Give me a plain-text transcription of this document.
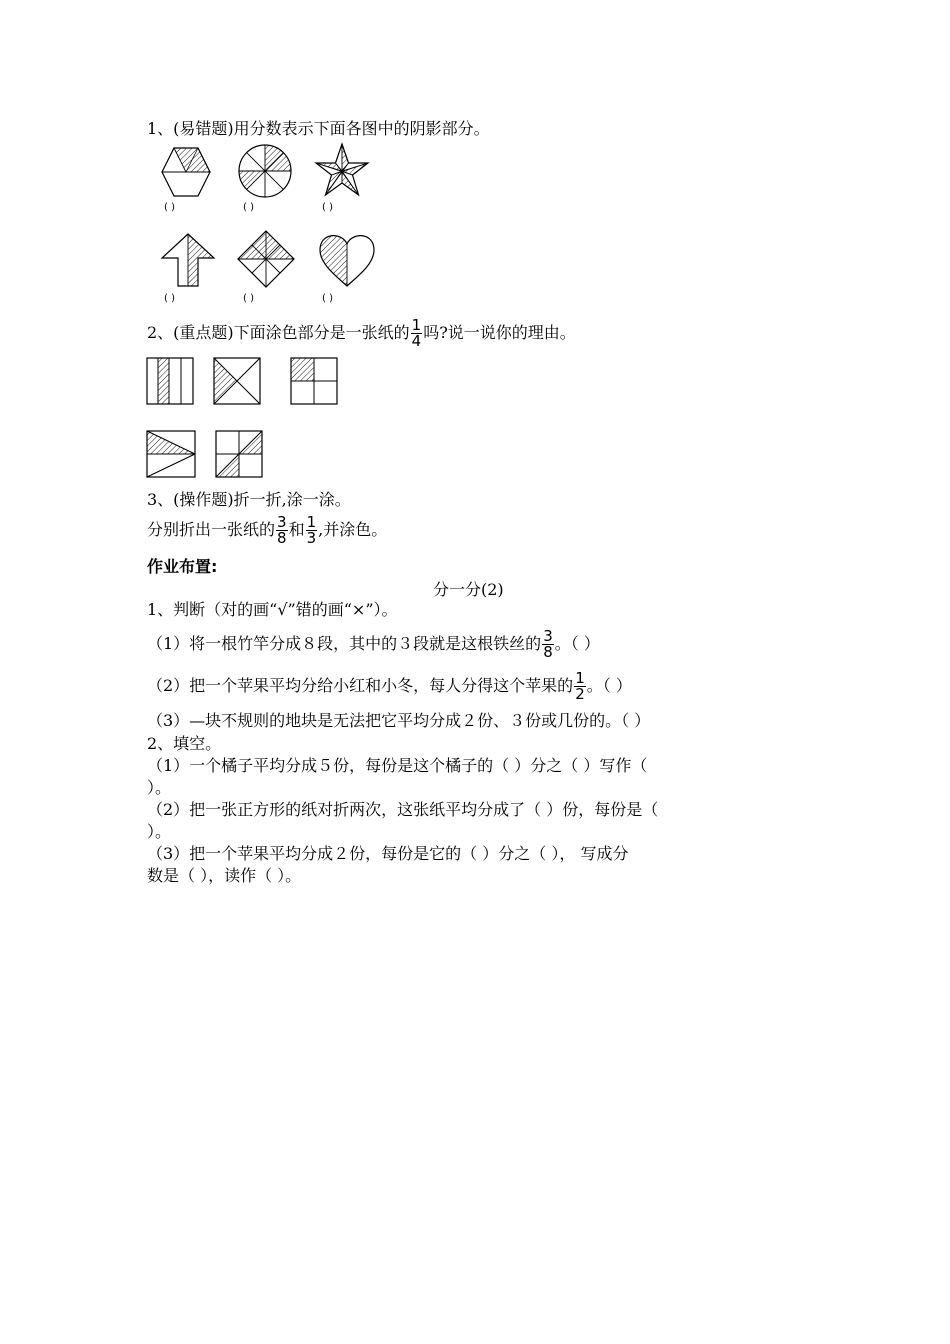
1、(易错题)用分数表示下面各图中的阴影部分。
( )	( )	( )
( )	( )	( )
2、(重点题)下面涂色部分是一张纸的 $\frac{1}{4}$ 吗?说一说你的理由。
3、(操作题)折一折,涂一涂。
分别折出一张纸的 $\frac{3}{8}$ 和 $\frac{1}{3}$ ,并涂色。
作业布置:
分一分(2)
1、判断（对的画“√”错的画“×”）。
（1）将一根竹竿分成８段，其中的３段就是这根铁丝的 $\frac{3}{8}$ 。（ ）
（2）把一个苹果平均分给小红和小冬，每人分得这个苹果的 $\frac{1}{2}$ 。（ ）
（3）—块不规则的地块是无法把它平均分成２份、３份或几份的。（ ）
2、填空。
（1）一个橘子平均分成５份，每份是这个橘子的（ ）分之（ ）写作（
）。
（2）把一张正方形的纸对折两次，这张纸平均分成了（ ）份，每份是（
）。
（3）把一个苹果平均分成２份，每份是它的（ ）分之（ ）， 写成分
数是（ ），读作（ ）。
